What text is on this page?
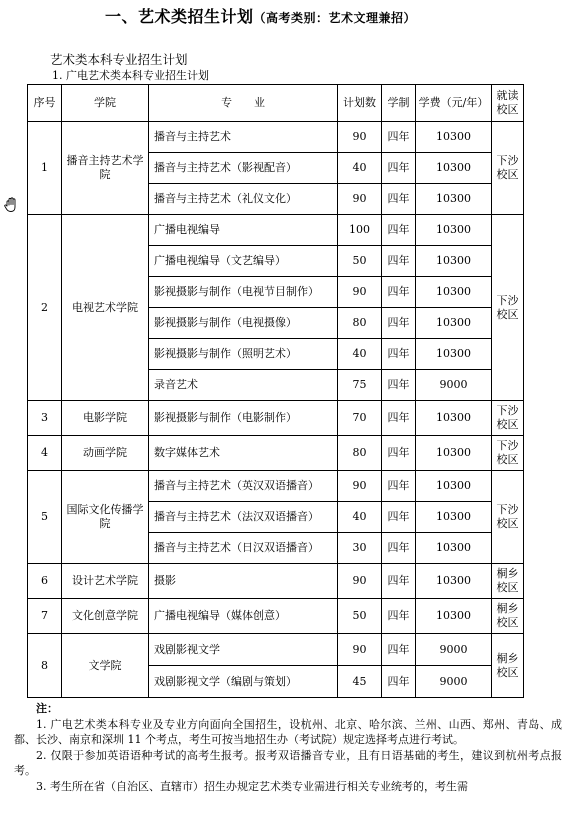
一、艺术类招生计划（高考类别：艺术文理兼招）
艺术类本科专业招生计划
1. 广电艺术类本科专业招生计划
序号	学院	专　　业	计划数	学制	学费（元/年）	就读校区
1	播音主持艺术学院	播音与主持艺术	90	四年	10300	下沙校区
		播音与主持艺术（影视配音）	40	四年	10300	
		播音与主持艺术（礼仪文化）	90	四年	10300	
2	电视艺术学院	广播电视编导	100	四年	10300	下沙校区
		广播电视编导（文艺编导）	50	四年	10300	
		影视摄影与制作（电视节目制作）	90	四年	10300	
		影视摄影与制作（电视摄像）	80	四年	10300	
		影视摄影与制作（照明艺术）	40	四年	10300	
		录音艺术	75	四年	9000	
3	电影学院	影视摄影与制作（电影制作）	70	四年	10300	下沙校区
4	动画学院	数字媒体艺术	80	四年	10300	下沙校区
5	国际文化传播学院	播音与主持艺术（英汉双语播音）	90	四年	10300	下沙校区
		播音与主持艺术（法汉双语播音）	40	四年	10300	
		播音与主持艺术（日汉双语播音）	30	四年	10300	
6	设计艺术学院	摄影	90	四年	10300	桐乡校区
7	文化创意学院	广播电视编导（媒体创意）	50	四年	10300	桐乡校区
8	文学院	戏剧影视文学	90	四年	9000	桐乡校区
		戏剧影视文学（编剧与策划）	45	四年	9000	
注：

1. 广电艺术类本科专业及专业方向面向全国招生，设杭州、北京、哈尔滨、兰州、山西、郑州、青岛、成都、长沙、南京和深圳 11 个考点，考生可按当地招生办（考试院）规定选择考点进行考试。

2. 仅限于参加英语语种考试的高考生报考。报考双语播音专业，且有日语基础的考生，建议到杭州考点报考。

3. 考生所在省（自治区、直辖市）招生办规定艺术类专业需进行相关专业统考的，考生需
